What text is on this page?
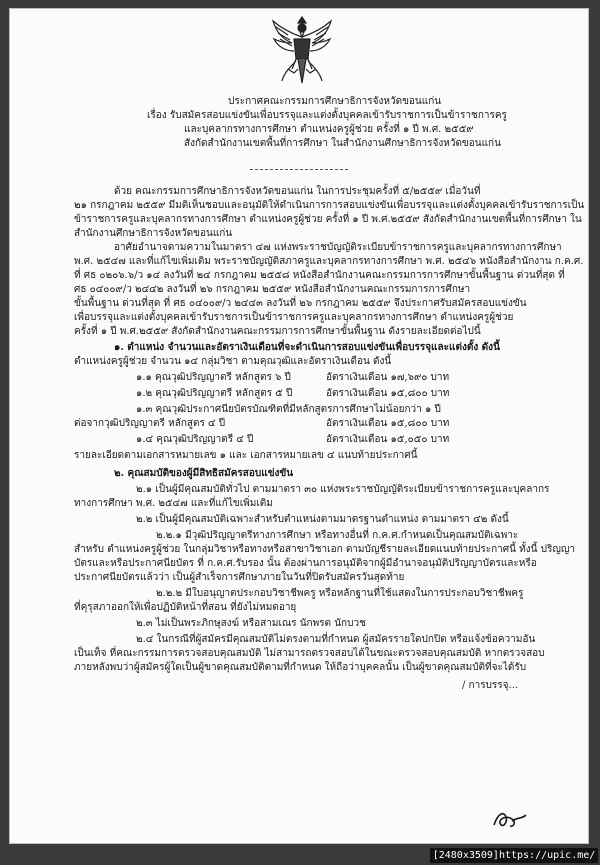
ประกาศคณะกรรมการศึกษาธิการจังหวัดขอนแก่น
เรื่อง รับสมัครสอบแข่งขันเพื่อบรรจุและแต่งตั้งบุคคลเข้ารับราชการเป็นข้าราชการครู
และบุคลากรทางการศึกษา ตำแหน่งครูผู้ช่วย ครั้งที่ ๑ ปี พ.ศ. ๒๕๕๙
สังกัดสำนักงานเขตพื้นที่การศึกษา ในสำนักงานศึกษาธิการจังหวัดขอนแก่น
ด้วย คณะกรรมการศึกษาธิการจังหวัดขอนแก่น ในการประชุมครั้งที่ ๕/๒๕๕๙ เมื่อวันที่
๒๑ กรกฎาคม ๒๕๕๙ มีมติเห็นชอบและอนุมัติให้ดำเนินการการสอบแข่งขันเพื่อบรรจุและแต่งตั้งบุคคลเข้ารับราชการเป็น
ข้าราชการครูและบุคลากรทางการศึกษา ตำแหน่งครูผู้ช่วย ครั้งที่ ๑ ปี พ.ศ.๒๕๕๙ สังกัดสำนักงานเขตพื้นที่การศึกษา ใน
สำนักงานศึกษาธิการจังหวัดขอนแก่น
อาศัยอำนาจตามความในมาตรา ๔๗ แห่งพระราชบัญญัติระเบียบข้าราชการครูและบุคลากรทางการศึกษา
พ.ศ. ๒๕๔๗ และที่แก้ไขเพิ่มเติม พระราชบัญญัติสภาครูและบุคลากรทางการศึกษา พ.ศ. ๒๕๔๖ หนังสือสำนักงาน ก.ค.ศ.
ที่ ศธ ๐๒๐๖.๖/ว ๑๔ ลงวันที่ ๒๔ กรกฎาคม ๒๕๕๘ หนังสือสำนักงานคณะกรรมการการศึกษาขั้นพื้นฐาน ด่วนที่สุด ที่
ศธ ๐๔๐๐๙/ว ๒๔๔๒ ลงวันที่ ๒๖ กรกฎาคม ๒๕๕๙ หนังสือสำนักงานคณะกรรมการการศึกษา
ขั้นพื้นฐาน ด่วนที่สุด ที่ ศธ ๐๔๐๐๙/ว ๒๔๔๓ ลงวันที่ ๒๖ กรกฎาคม ๒๕๕๙ จึงประกาศรับสมัครสอบแข่งขัน
เพื่อบรรจุและแต่งตั้งบุคคลเข้ารับราชการเป็นข้าราชการครูและบุคลากรทางการศึกษา ตำแหน่งครูผู้ช่วย
ครั้งที่ ๑ ปี พ.ศ.๒๕๕๙ สังกัดสำนักงานคณะกรรมการการศึกษาขั้นพื้นฐาน ดังรายละเอียดต่อไปนี้
๑. ตำแหน่ง จำนวนและอัตราเงินเดือนที่จะดำเนินการสอบแข่งขันเพื่อบรรจุและแต่งตั้ง ดังนี้
ตำแหน่งครูผู้ช่วย จำนวน ๑๔ กลุ่มวิชา ตามคุณวุฒิและอัตราเงินเดือน ดังนี้
๑.๑ คุณวุฒิปริญญาตรี หลักสูตร ๖ ปี	อัตราเงินเดือน ๑๗,๖๙๐ บาท
๑.๒ คุณวุฒิปริญญาตรี หลักสูตร ๕ ปี	อัตราเงินเดือน ๑๕,๘๐๐ บาท
๑.๓ คุณวุฒิประกาศนียบัตรบัณฑิตที่มีหลักสูตรการศึกษาไม่น้อยกว่า ๑ ปี
ต่อจากวุฒิปริญญาตรี หลักสูตร ๔ ปี	อัตราเงินเดือน ๑๕,๘๐๐ บาท
๑.๔ คุณวุฒิปริญญาตรี ๔ ปี	อัตราเงินเดือน ๑๕,๐๕๐ บาท
รายละเอียดตามเอกสารหมายเลข ๑ และ เอกสารหมายเลข ๔ แนบท้ายประกาศนี้
๒. คุณสมบัติของผู้มีสิทธิสมัครสอบแข่งขัน
๒.๑ เป็นผู้มีคุณสมบัติทั่วไป ตามมาตรา ๓๐ แห่งพระราชบัญญัติระเบียบข้าราชการครูและบุคลากร
ทางการศึกษา พ.ศ. ๒๕๔๗ และที่แก้ไขเพิ่มเติม
๒.๒ เป็นผู้มีคุณสมบัติเฉพาะสำหรับตำแหน่งตามมาตรฐานตำแหน่ง ตามมาตรา ๔๒ ดังนี้
๒.๒.๑ มีวุฒิปริญญาตรีทางการศึกษา หรือทางอื่นที่ ก.ค.ศ.กำหนดเป็นคุณสมบัติเฉพาะ
สำหรับ ตำแหน่งครูผู้ช่วย ในกลุ่มวิชาหรือทางหรือสาขาวิชาเอก ตามบัญชีรายละเอียดแนบท้ายประกาศนี้ ทั้งนี้ ปริญญา
บัตรและหรือประกาศนียบัตร ที่ ก.ค.ศ.รับรอง นั้น ต้องผ่านการอนุมัติจากผู้มีอำนาจอนุมัติปริญญาบัตรและหรือ
ประกาศนียบัตรแล้วว่า เป็นผู้สำเร็จการศึกษาภายในวันที่ปิดรับสมัครวันสุดท้าย
๒.๒.๒ มีใบอนุญาตประกอบวิชาชีพครู หรือหลักฐานที่ใช้แสดงในการประกอบวิชาชีพครู
ที่คุรุสภาออกให้เพื่อปฏิบัติหน้าที่สอน ที่ยังไม่หมดอายุ
๒.๓ ไม่เป็นพระภิกษุสงฆ์ หรือสามเณร นักพรต นักบวช
๒.๔ ในกรณีที่ผู้สมัครมีคุณสมบัติไม่ตรงตามที่กำหนด ผู้สมัครรายใดปกปิด หรือแจ้งข้อความอัน
เป็นเท็จ ที่คณะกรรมการตรวจสอบคุณสมบัติ ไม่สามารถตรวจสอบได้ในขณะตรวจสอบคุณสมบัติ หากตรวจสอบ
ภายหลังพบว่าผู้สมัครผู้ใดเป็นผู้ขาดคุณสมบัติตามที่กำหนด ให้ถือว่าบุคคลนั้น เป็นผู้ขาดคุณสมบัติที่จะได้รับ
/ การบรรจุ...
[2480x3509]https://upic.me/
